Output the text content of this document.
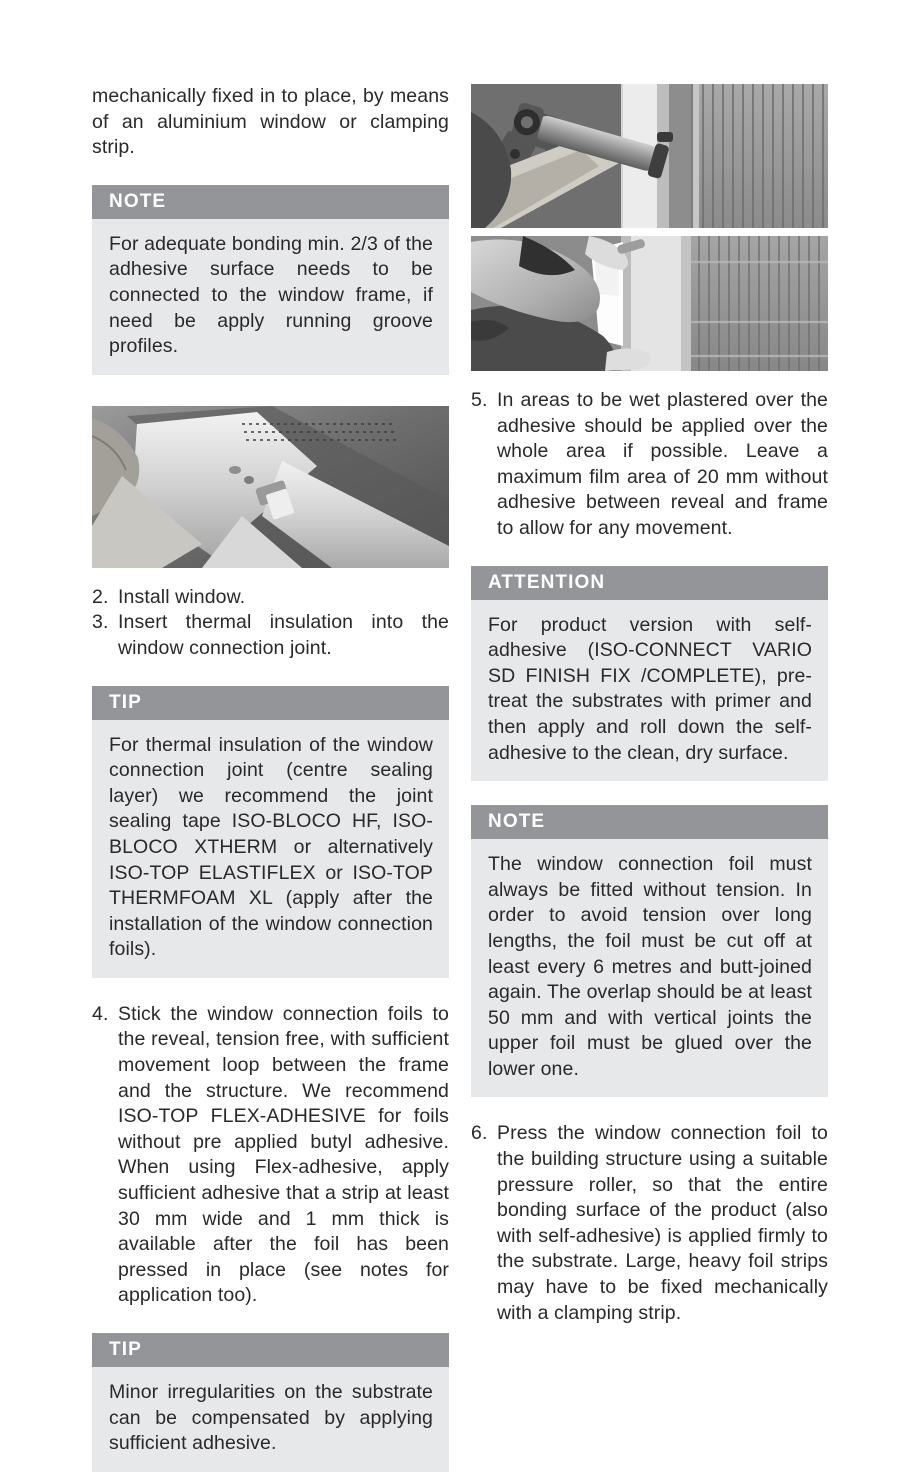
mechanically fixed in to place, by means of an aluminium window or clamping strip.

NOTE

For adequate bonding min. 2/3 of the adhesive surface needs to be connected to the window frame, if need be apply running groove profiles.

2. Install window.
3. Insert thermal insulation into the window connection joint.
TIP

For thermal insulation of the window connection joint (centre sealing layer) we recommend the joint sealing tape ISO-BLOCO HF, ISO-BLOCO XTHERM or alternatively ISO-TOP ELASTIFLEX or ISO-TOP THERMFOAM XL (apply after the installation of the window connection foils).

4. Stick the window connection foils to the reveal, tension free, with sufficient movement loop between the frame and the structure. We recommend ISO-TOP FLEX-ADHESIVE for foils without pre applied butyl adhesive. When using Flex-adhesive, apply sufficient adhesive that a strip at least 30 mm wide and 1 mm thick is available after the foil has been pressed in place (see notes for application too).
TIP

Minor irregularities on the substrate can be compensated by applying sufficient adhesive.

5. In areas to be wet plastered over the adhesive should be applied over the whole area if possible. Leave a maximum film area of 20 mm without adhesive between reveal and frame to allow for any movement.
ATTENTION

For product version with self-adhesive (ISO-CONNECT VARIO SD FINISH FIX /COMPLETE), pre-treat the substrates with primer and then apply and roll down the self-adhesive to the clean, dry surface.

NOTE

The window connection foil must always be fitted without tension. In order to avoid tension over long lengths, the foil must be cut off at least every 6 metres and butt-joined again. The overlap should be at least 50 mm and with vertical joints the upper foil must be glued over the lower one.

6. Press the window connection foil to the building structure using a suitable pressure roller, so that the entire bonding surface of the product (also with self-adhesive) is applied firmly to the substrate. Large, heavy foil strips may have to be fixed mechanically with a clamping strip.
